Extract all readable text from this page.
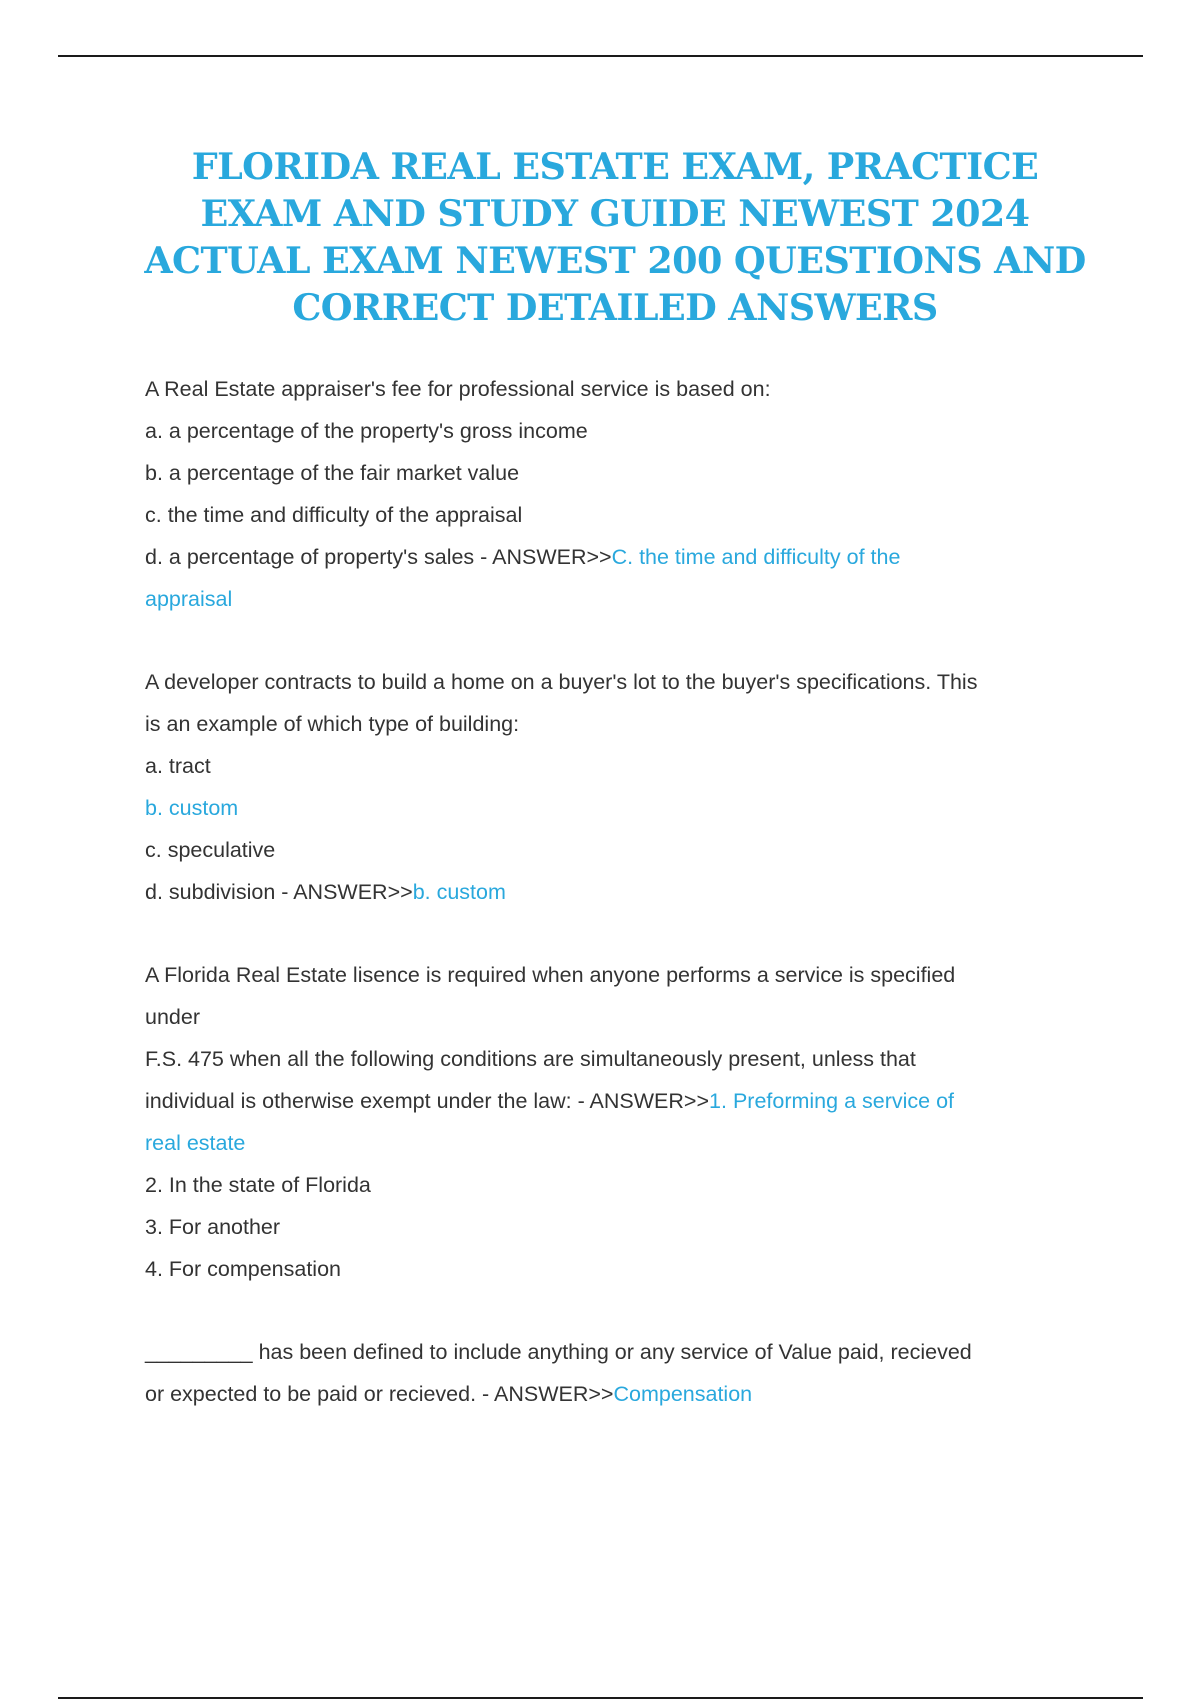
FLORIDA REAL ESTATE EXAM, PRACTICE
EXAM AND STUDY GUIDE NEWEST 2024
ACTUAL EXAM NEWEST 200 QUESTIONS AND
CORRECT DETAILED ANSWERS
A Real Estate appraiser's fee for professional service is based on:
a. a percentage of the property's gross income
b. a percentage of the fair market value
c. the time and difficulty of the appraisal
d. a percentage of property's sales - ANSWER>>C. the time and difficulty of the
appraisal
A developer contracts to build a home on a buyer's lot to the buyer's specifications. This
is an example of which type of building:
a. tract
b. custom
c. speculative
d. subdivision - ANSWER>>b. custom
A Florida Real Estate lisence is required when anyone performs a service is specified
under
F.S. 475 when all the following conditions are simultaneously present, unless that
individual is otherwise exempt under the law: - ANSWER>>1. Preforming a service of
real estate
2. In the state of Florida
3. For another
4. For compensation
_________ has been defined to include anything or any service of Value paid, recieved
or expected to be paid or recieved. - ANSWER>>Compensation
